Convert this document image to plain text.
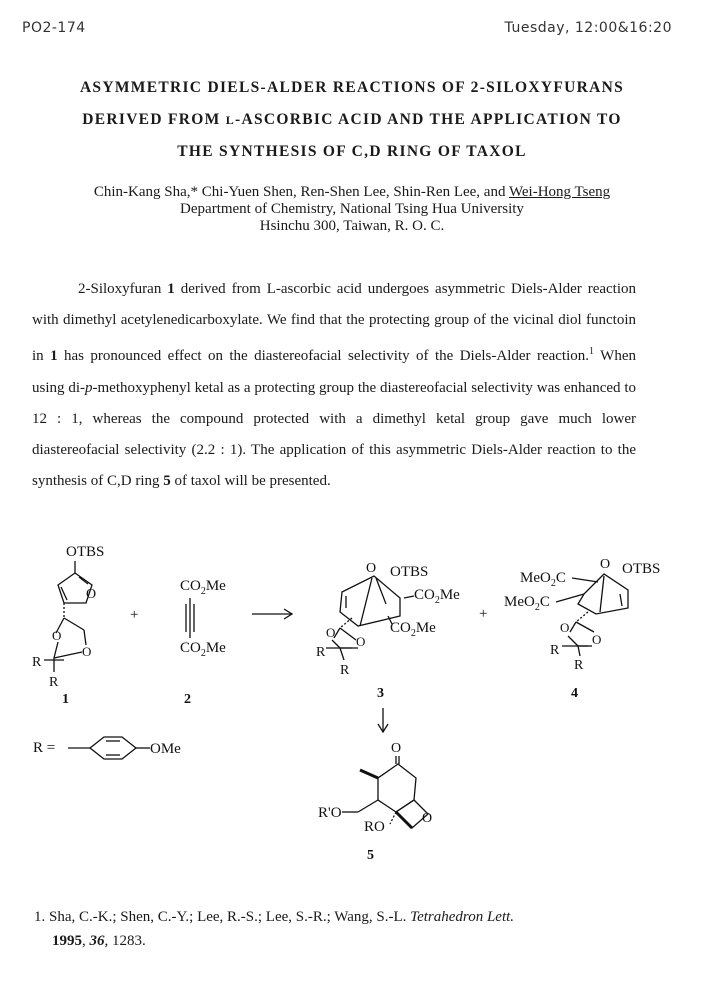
PO2-174	Tuesday, 12:00&16:20
ASYMMETRIC DIELS-ALDER REACTIONS OF 2-SILOXYFURANS
DERIVED FROM L-ASCORBIC ACID AND THE APPLICATION TO
THE SYNTHESIS OF C,D RING OF TAXOL
Chin-Kang Sha,* Chi-Yuen Shen, Ren-Shen Lee, Shin-Ren Lee, and Wei-Hong Tseng
Department of Chemistry, National Tsing Hua University
Hsinchu 300, Taiwan, R. O. C.

2-Siloxyfuran 1 derived from L-ascorbic acid undergoes asymmetric Diels-Alder reaction with dimethyl acetylenedicarboxylate. We find that the protecting group of the vicinal diol functoin in 1 has pronounced effect on the diastereofacial selectivity of the Diels-Alder reaction.$^1$ When using di-p-methoxyphenyl ketal as a protecting group the diastereofacial selectivity was enhanced to 12 : 1, whereas the compound protected with a dimethyl ketal group gave much lower diastereofacial selectivity (2.2 : 1). The application of this asymmetric Diels-Alder reaction to the synthesis of C,D ring 5 of taxol will be presented.

OTBS
O
O
O
R
R
1
+
$CO_2Me$
$CO_2Me$
2
O OTBS
$CO_2Me$
$CO_2Me$
O
O
R
R
3
+
O OTBS
MeO$_2$C
MeO$_2$C
O
O
R
R
4
R =	OMe	O
R'O
RO
O
5
1. Sha, C.-K.; Shen, C.-Y.; Lee, R.-S.; Lee, S.-R.; Wang, S.-L. Tetrahedron Lett.
1995, 36, 1283.
